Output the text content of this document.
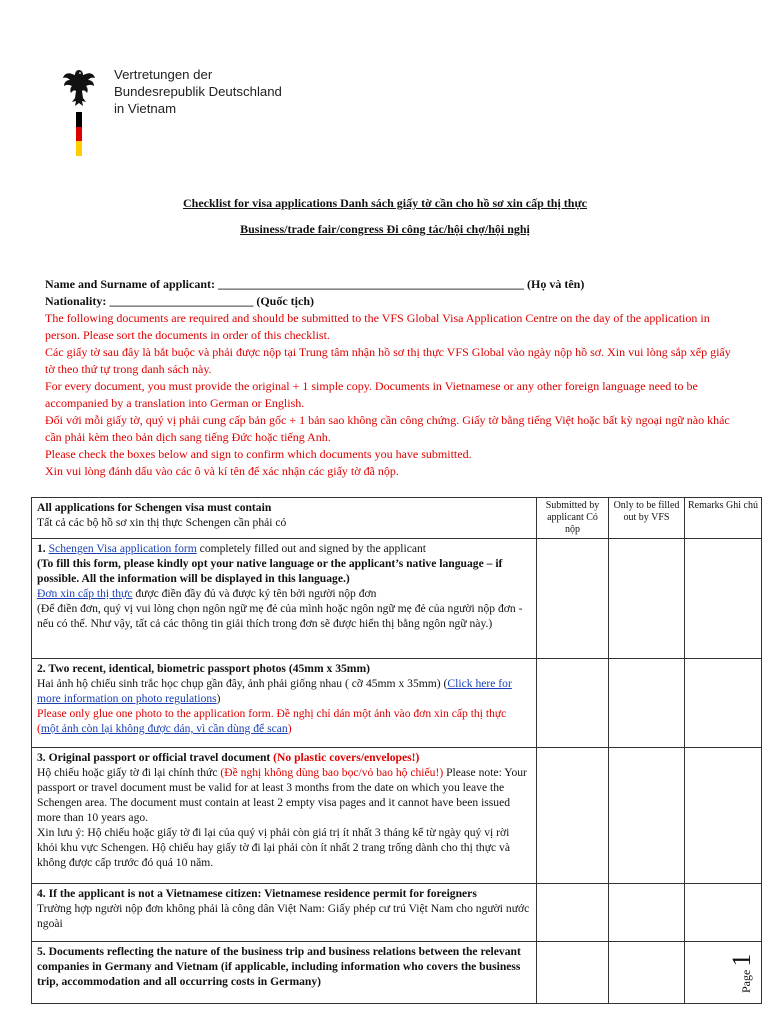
Vertretungen der
Bundesrepublik Deutschland
in Vietnam
Checklist for visa applications Danh sách giấy tờ cần cho hồ sơ xin cấp thị thực
Business/trade fair/congress Đi công tác/hội chợ/hội nghị
Name and Surname of applicant: ___________________________________________________ (Họ và tên)
Nationality: ________________________ (Quốc tịch)

The following documents are required and should be submitted to the VFS Global Visa Application Centre on the day of the application in person. Please sort the documents in order of this checklist.

Các giấy tờ sau đây là bắt buộc và phải được nộp tại Trung tâm nhận hồ sơ thị thực VFS Global vào ngày nộp hồ sơ. Xin vui lòng sắp xếp giấy tờ theo thứ tự trong danh sách này.

For every document, you must provide the original + 1 simple copy. Documents in Vietnamese or any other foreign language need to be accompanied by a translation into German or English.

Đối với mỗi giấy tờ, quý vị phải cung cấp bản gốc + 1 bản sao không cần công chứng. Giấy tờ bằng tiếng Việt hoặc bất kỳ ngoại ngữ nào khác cần phải kèm theo bản dịch sang tiếng Đức hoặc tiếng Anh.

Please check the boxes below and sign to confirm which documents you have submitted.

Xin vui lòng đánh dấu vào các ô và kí tên để xác nhận các giấy tờ đã nộp.

All applications for Schengen visa must contain
Tất cả các bộ hồ sơ xin thị thực Schengen cần phải có	Submitted by applicant Có nộp	Only to be filled out by VFS	Remarks Ghi chú
1. Schengen Visa application form completely filled out and signed by the applicant
(To fill this form, please kindly opt your native language or the applicant’s native language – if possible. All the information will be displayed in this language.)
Đơn xin cấp thị thực được điền đầy đủ và được ký tên bởi người nộp đơn
(Để điền đơn, quý vị vui lòng chọn ngôn ngữ mẹ đẻ của mình hoặc ngôn ngữ mẹ đẻ của người nộp đơn - nếu có thể. Như vậy, tất cả các thông tin giải thích trong đơn sẽ được hiển thị bằng ngôn ngữ này.)			
2. Two recent, identical, biometric passport photos (45mm x 35mm)
Hai ảnh hộ chiếu sinh trắc học chụp gần đây, ảnh phải giống nhau ( cỡ 45mm x 35mm) (Click here for more information on photo regulations)
Please only glue one photo to the application form. Đề nghị chỉ dán một ảnh vào đơn xin cấp thị thực (một ảnh còn lại không được dán, vì cần dùng để scan)			
3. Original passport or official travel document (No plastic covers/envelopes!)
Hộ chiếu hoặc giấy tờ đi lại chính thức (Đề nghị không dùng bao bọc/vỏ bao hộ chiếu!) Please note: Your passport or travel document must be valid for at least 3 months from the date on which you leave the Schengen area. The document must contain at least 2 empty visa pages and it cannot have been issued more than 10 years ago.
Xin lưu ý: Hộ chiếu hoặc giấy tờ đi lại của quý vị phải còn giá trị ít nhất 3 tháng kể từ ngày quý vị rời khỏi khu vực Schengen. Hộ chiếu hay giấy tờ đi lại phải còn ít nhất 2 trang trống dành cho thị thực và không được cấp trước đó quá 10 năm.			
4. If the applicant is not a Vietnamese citizen: Vietnamese residence permit for foreigners
Trường hợp người nộp đơn không phải là công dân Việt Nam: Giấy phép cư trú Việt Nam cho người nước ngoài			
5. Documents reflecting the nature of the business trip and business relations between the relevant companies in Germany and Vietnam (if applicable, including information who covers the business trip, accommodation and all occurring costs in Germany)				Page 1
